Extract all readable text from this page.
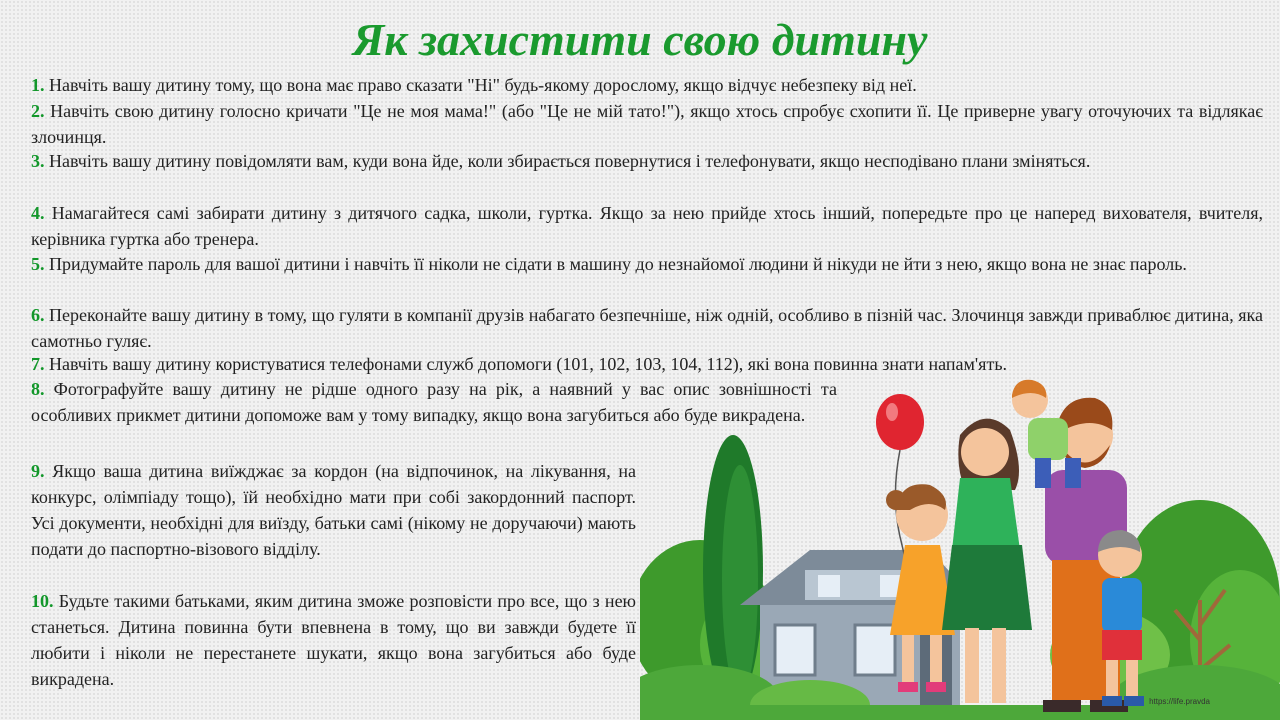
Як захистити свою дитину

1. Навчіть вашу дитину тому, що вона має право сказати "Ні" будь-якому дорослому, якщо відчує небезпеку від неї.

2. Навчіть свою дитину голосно кричати "Це не моя мама!" (або "Це не мій тато!"), якщо хтось спробує схопити її. Це приверне увагу оточуючих та відлякає злочинця.

3. Навчіть вашу дитину повідомляти вам, куди вона йде, коли збирається повернутися і телефонувати, якщо несподівано плани зміняться.

4. Намагайтеся самі забирати дитину з дитячого садка, школи, гуртка. Якщо за нею прийде хтось інший, попередьте про це наперед вихователя, вчителя, керівника гуртка або тренера.

5. Придумайте пароль для вашої дитини і навчіть її ніколи не сідати в машину до незнайомої людини й нікуди не йти з нею, якщо вона не знає пароль.

6. Переконайте вашу дитину в тому, що гуляти в компанії друзів набагато безпечніше, ніж одній, особливо в пізній час. Злочинця завжди приваблює дитина, яка самотньо гуляє.

7. Навчіть вашу дитину користуватися телефонами служб допомоги (101, 102, 103, 104, 112), які вона повинна знати напам'ять.

8. Фотографуйте вашу дитину не рідше одного разу на рік, а наявний у вас опис зовнішності та особливих прикмет дитини допоможе вам у тому випадку, якщо вона загубиться або буде викрадена.

9. Якщо ваша дитина виїжджає за кордон (на відпочинок, на лікування, на конкурс, олімпіаду тощо), їй необхідно мати при собі закордонний паспорт. Усі документи, необхідні для виїзду, батьки самі (нікому не доручаючи) мають подати до паспортно-візового відділу.

10. Будьте такими батьками, яким дитина зможе розповісти про все, що з нею станеться. Дитина повинна бути впевнена в тому, що ви завжди будете її любити і ніколи не перестанете шукати, якщо вона загубиться або буде викрадена.

https://life.pravda
